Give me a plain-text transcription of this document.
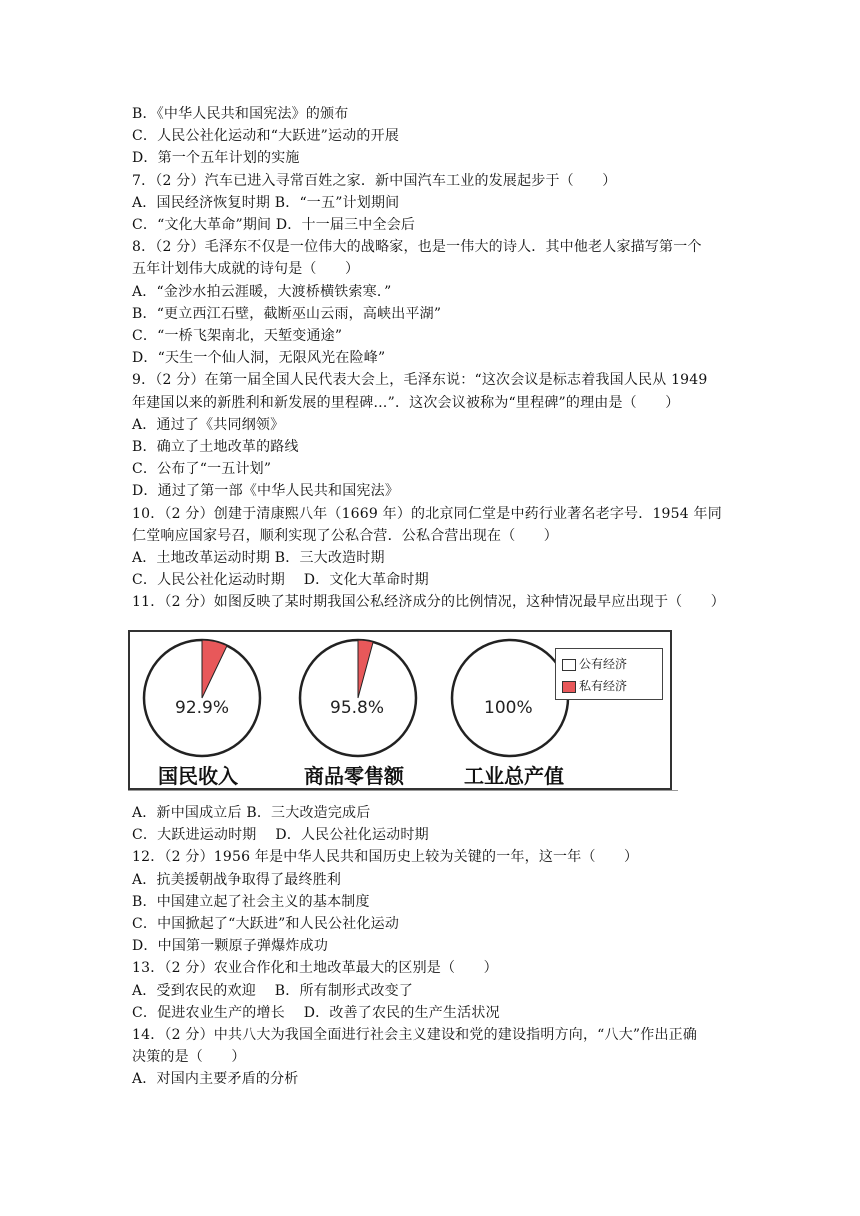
B．《中华人民共和国宪法》的颁布
C．人民公社化运动和“大跃进”运动的开展
D．第一个五年计划的实施
7．（2 分）汽车已进入寻常百姓之家．新中国汽车工业的发展起步于（　　）
A．国民经济恢复时期 B．“一五”计划期间
C．“文化大革命”期间 D．十一届三中全会后
8．（2 分）毛泽东不仅是一位伟大的战略家，也是一伟大的诗人．其中他老人家描写第一个
五年计划伟大成就的诗句是（　　）
A．“金沙水拍云涯暖，大渡桥横铁索寒．”
B．“更立西江石壁，截断巫山云雨，高峡出平湖”
C．“一桥飞架南北，天堑变通途”
D．“天生一个仙人洞，无限风光在险峰”
9．（2 分）在第一届全国人民代表大会上，毛泽东说：“这次会议是标志着我国人民从 1949
年建国以来的新胜利和新发展的里程碑…”．这次会议被称为“里程碑”的理由是（　　）
A．通过了《共同纲领》
B．确立了土地改革的路线
C．公布了“一五计划”
D．通过了第一部《中华人民共和国宪法》
10．（2 分）创建于清康熙八年（1669 年）的北京同仁堂是中药行业著名老字号．1954 年同
仁堂响应国家号召，顺利实现了公私合营．公私合营出现在（　　）
A．土地改革运动时期 B．三大改造时期
C．人民公社化运动时期　 D．文化大革命时期
11．（2 分）如图反映了某时期我国公私经济成分的比例情况，这种情况最早应出现于（　　）
92.9%	95.8%	100%
国民收入	商品零售额	工业总产值
公有经济
私有经济
A．新中国成立后 B．三大改造完成后
C．大跃进运动时期　 D．人民公社化运动时期
12．（2 分）1956 年是中华人民共和国历史上较为关键的一年，这一年（　　）
A．抗美援朝战争取得了最终胜利
B．中国建立起了社会主义的基本制度
C．中国掀起了“大跃进”和人民公社化运动
D．中国第一颗原子弹爆炸成功
13．（2 分）农业合作化和土地改革最大的区别是（　　）
A．受到农民的欢迎　 B．所有制形式改变了
C．促进农业生产的增长　 D．改善了农民的生产生活状况
14．（2 分）中共八大为我国全面进行社会主义建设和党的建设指明方向，“八大”作出正确
决策的是（　　）
A．对国内主要矛盾的分析
